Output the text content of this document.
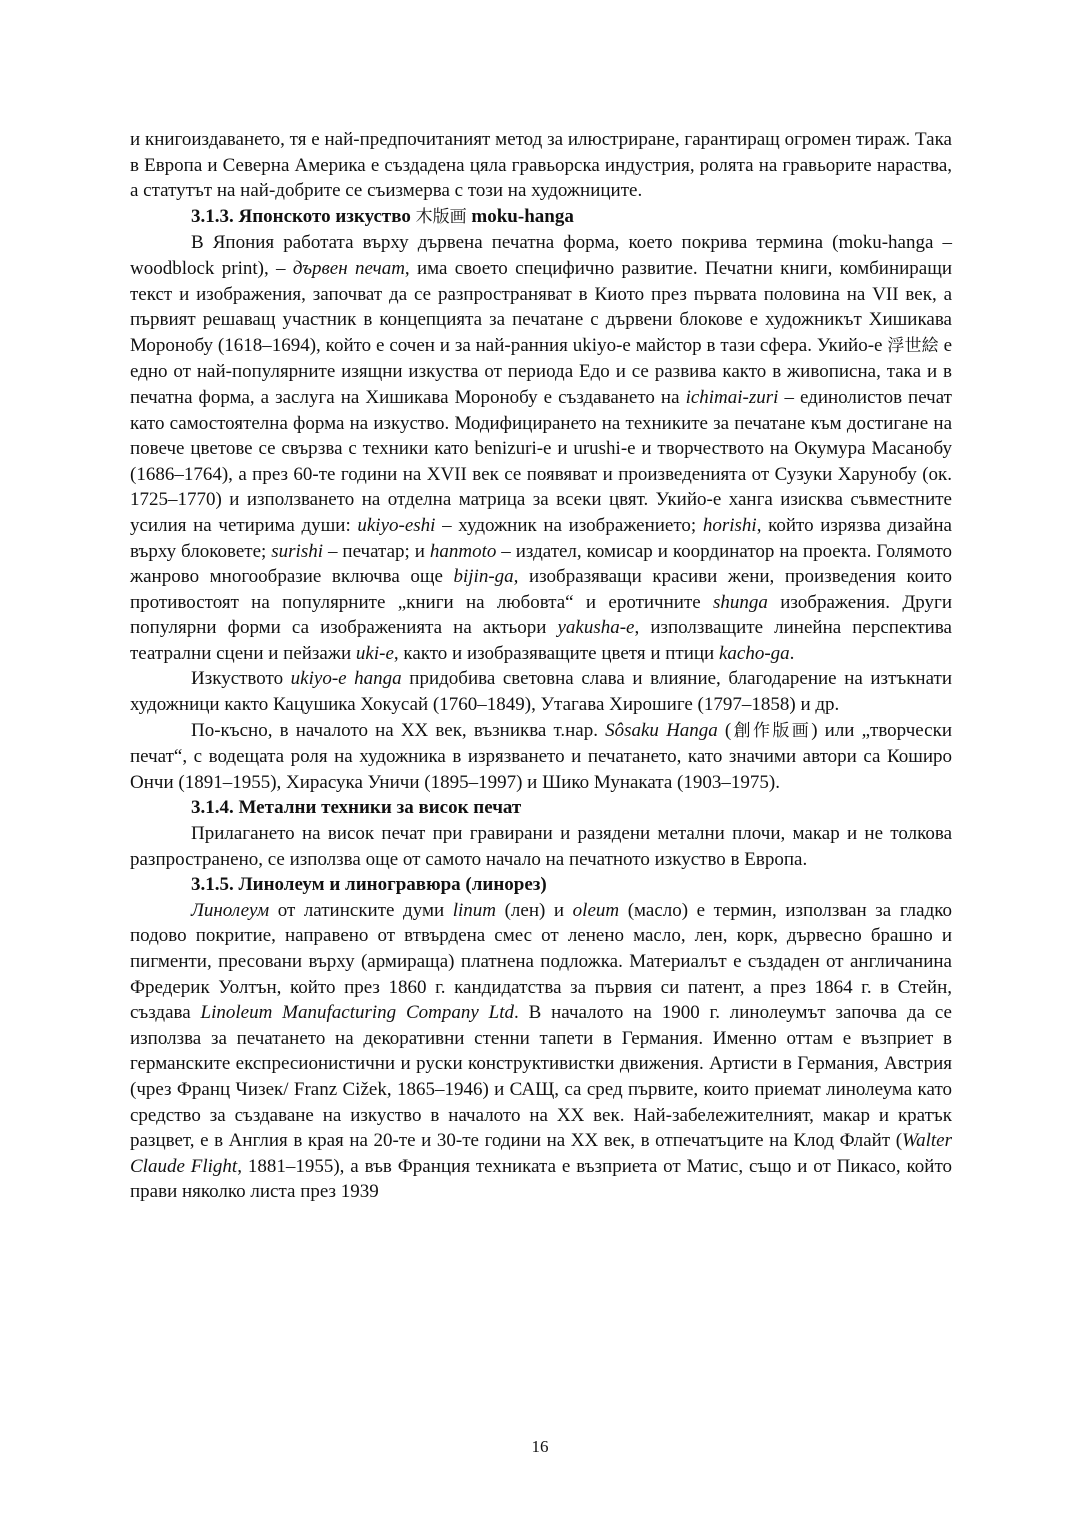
и книгоиздаването, тя е най-предпочитаният метод за илюстриране, гарантиращ огромен тираж. Така в Европа и Северна Америка е създадена цяла гравьорска индустрия, ролята на гравьорите нараства, а статутът на най-добрите се съизмерва с този на художниците.

3.1.3. Японското изкуство 木版画 moku-hanga

В Япония работата върху дървена печатна форма, което покрива термина (moku-hanga – woodblock print), – дървен печат, има своето специфично развитие. Печатни книги, комбиниращи текст и изображения, започват да се разпространяват в Киото през първата половина на VII век, а първият решаващ участник в концепцията за печатане с дървени блокове е художникът Хишикава Моронобу (1618–1694), който е сочен и за най-ранния ukiyo-e майстор в тази сфера. Укийо-е 浮世絵 е едно от най-популярните изящни изкуства от периода Едо и се развива както в живописна, така и в печатна форма, а заслуга на Хишикава Моронобу е създаването на ichimai-zuri – единолистов печат като самостоятелна форма на изкуство. Модифицирането на техниките за печатане към достигане на повече цветове се свързва с техники като benizuri-e и urushi-e и творчеството на Окумура Масанобу (1686–1764), а през 60-те години на XVII век се появяват и произведенията от Сузуки Харунобу (ок. 1725–1770) и използването на отделна матрица за всеки цвят. Укийо-е ханга изисква съвместните усилия на четирима души: ukiyo-eshi – художник на изображението; horishi, който изрязва дизайна върху блоковете; surishi – печатар; и hanmoto – издател, комисар и координатор на проекта. Голямото жанрово многообразие включва още bijin-ga, изобразяващи красиви жени, произведения които противостоят на популярните „книги на любовта“ и еротичните shunga изображения. Други популярни форми са изображенията на актьори yakusha-e, използващите линейна перспектива театрални сцени и пейзажи uki-e, както и изобразяващите цветя и птици kacho-ga.

Изкуството ukiyo-e hanga придобива световна слава и влияние, благодарение на изтъкнати художници както Кацушика Хокусай (1760–1849), Утагава Хирошиге (1797–1858) и др.

По-късно, в началото на XX век, възниква т.нар. Sôsaku Hanga (創作版画) или „творчески печат“, с водещата роля на художника в изрязването и печатането, като значими автори са Коширо Ончи (1891–1955), Хирасука Уничи (1895–1997) и Шико Мунаката (1903–1975).

3.1.4. Метални техники за висок печат

Прилагането на висок печат при гравирани и разядени метални плочи, макар и не толкова разпространено, се използва още от самото начало на печатното изкуство в Европа.

3.1.5. Линолеум и линогравюра (линорез)

Линолеум от латинските думи linum (лен) и oleum (масло) е термин, използван за гладко подово покритие, направено от втвърдена смес от ленено масло, лен, корк, дървесно брашно и пигменти, пресовани върху (армираща) платнена подложка. Материалът е създаден от англичанина Фредерик Уолтън, който през 1860 г. кандидатства за първия си патент, а през 1864 г. в Стейн, създава Linoleum Manufacturing Company Ltd. В началото на 1900 г. линолеумът започва да се използва за печатането на декоративни стенни тапети в Германия. Именно оттам е възприет в германските експресионистични и руски конструктивистки движения. Артисти в Германия, Австрия (чрез Франц Чизек/ Franz Cižek, 1865–1946) и САЩ, са сред първите, които приемат линолеума като средство за създаване на изкуство в началото на XX век. Най-забележителният, макар и кратък разцвет, е в Англия в края на 20-те и 30-те години на XX век, в отпечатъците на Клод Флайт (Walter Claude Flight, 1881–1955), а във Франция техниката е възприета от Матис, също и от Пикасо, който прави няколко листа през 1939

16
